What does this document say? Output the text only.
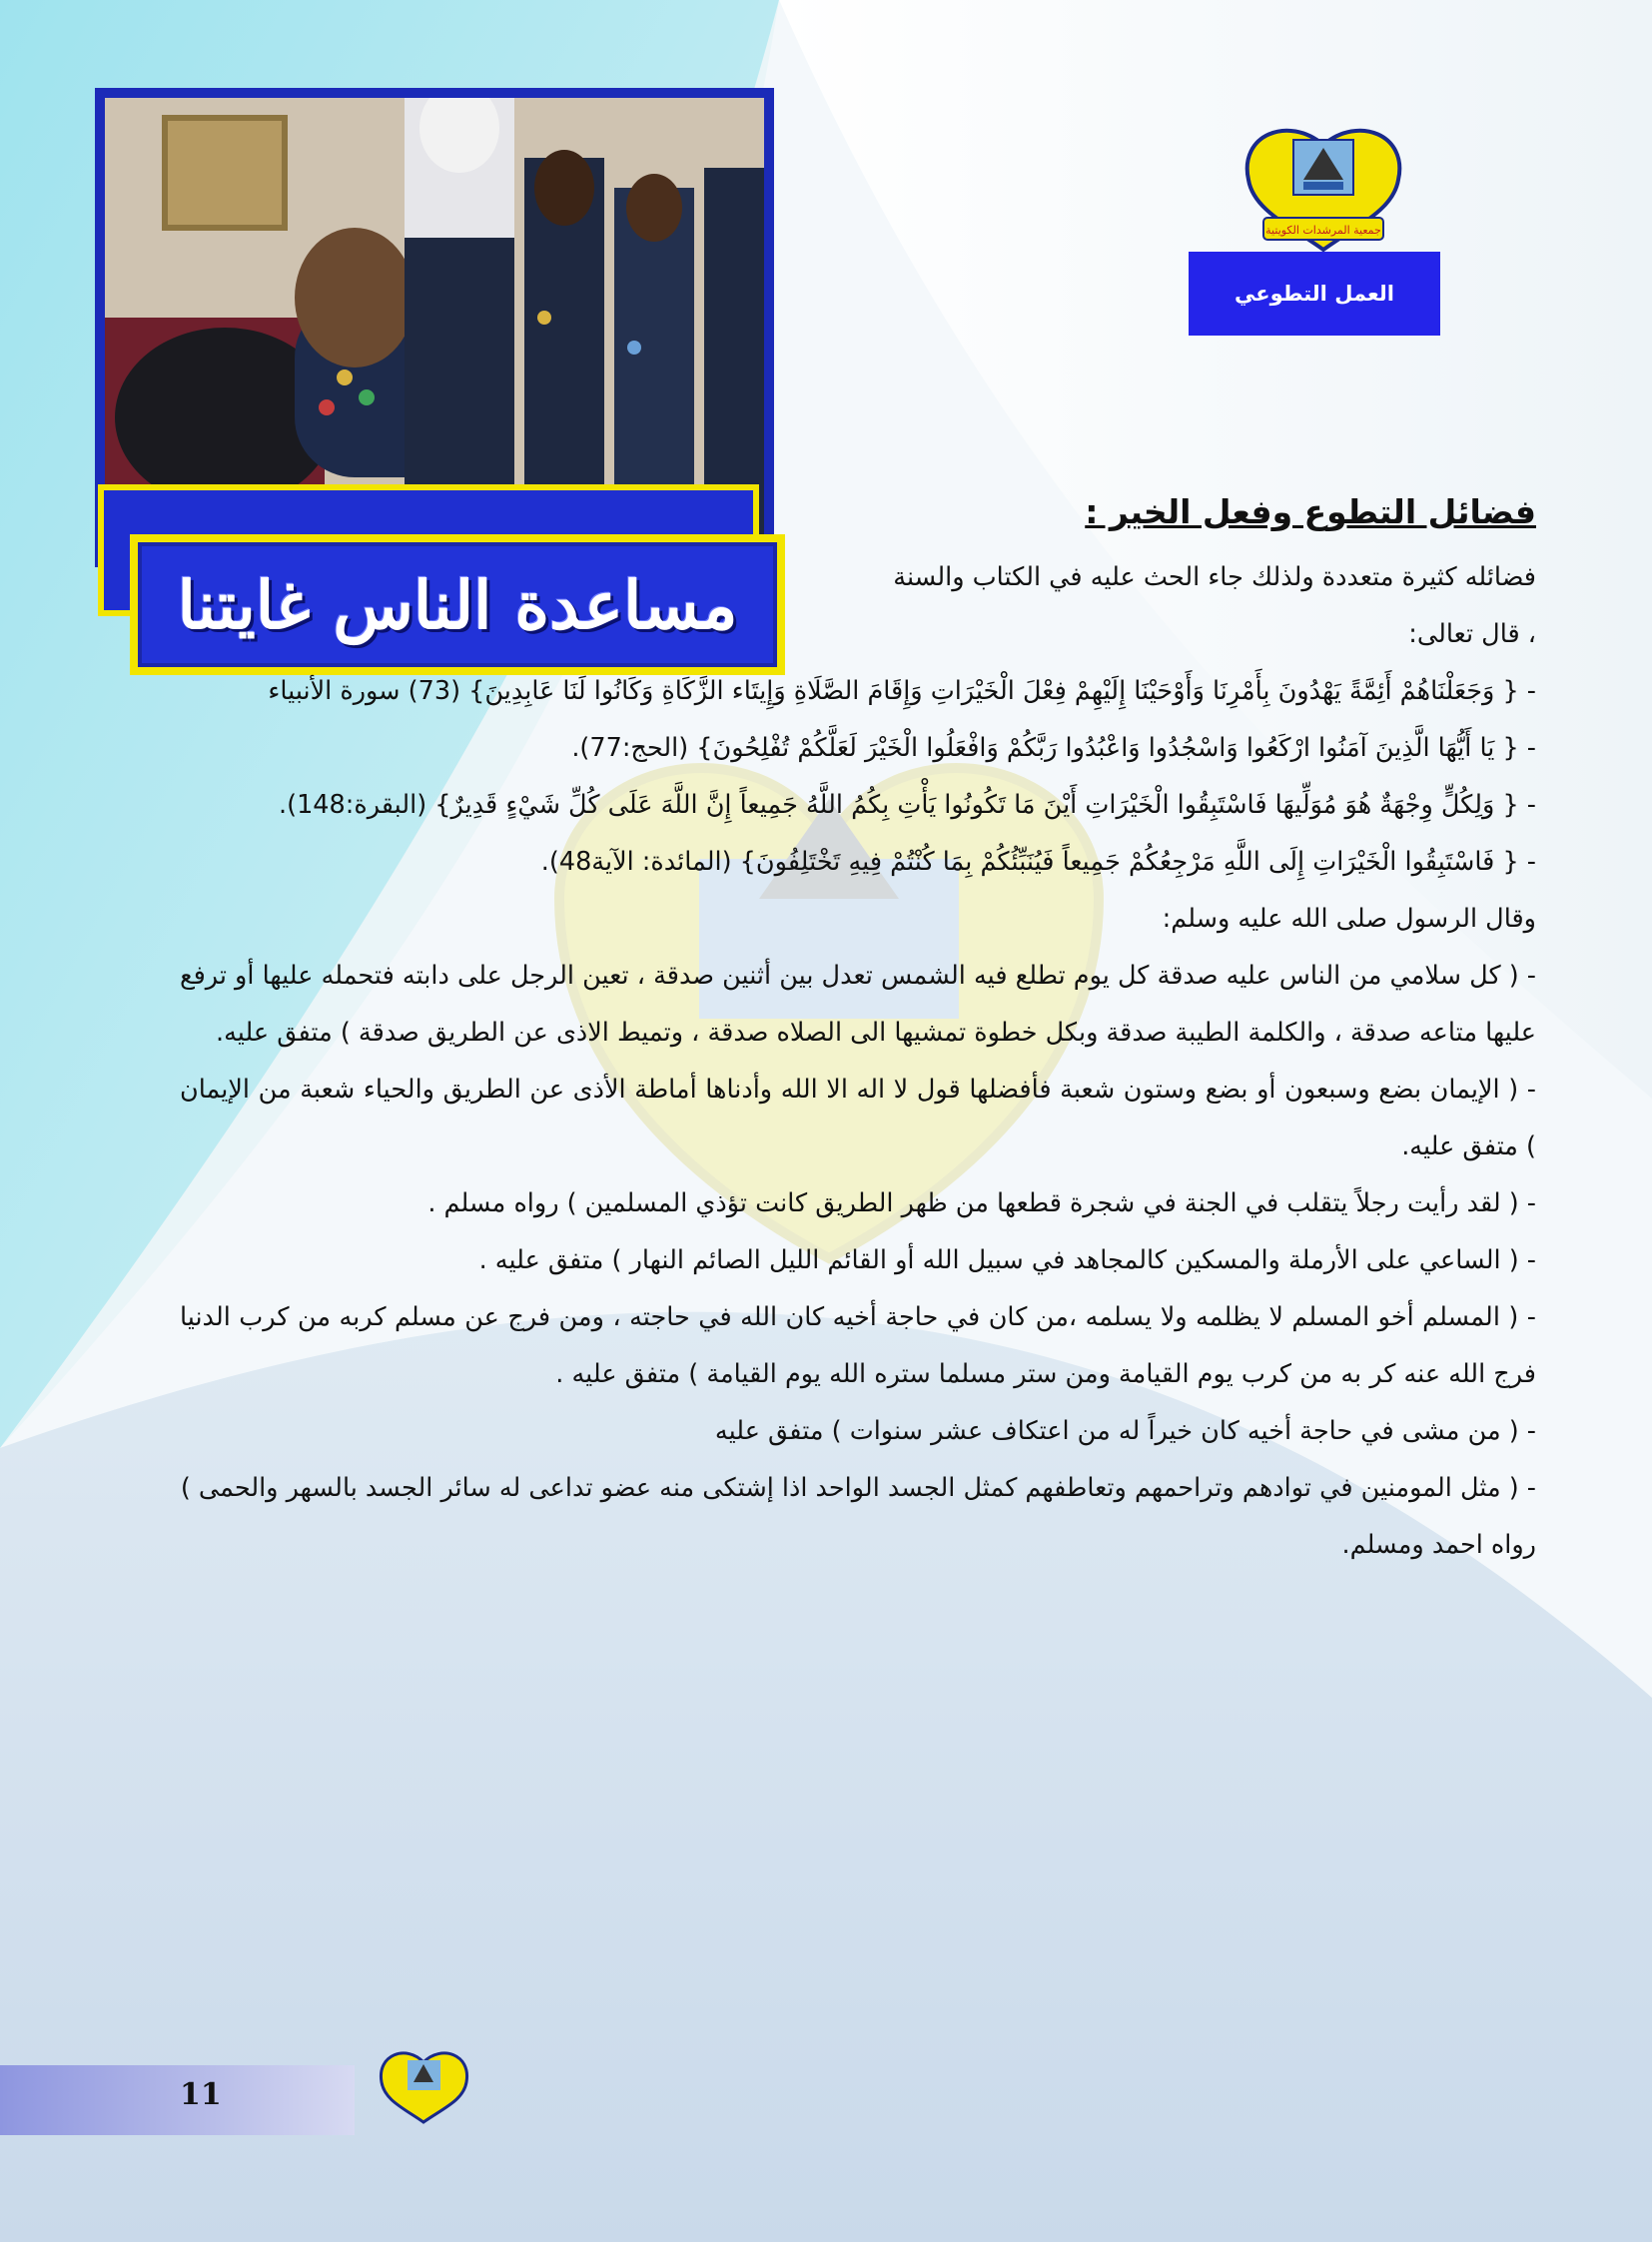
مساعدة الناس غايتنا
جمعية المرشدات الكويتية
العمل التطوعي
فضائل التطوع وفعل الخير :

فضائله كثيرة متعددة ولذلك جاء الحث عليه في الكتاب والسنة

، قال تعالى:

- { وَجَعَلْنَاهُمْ أَئِمَّةً يَهْدُونَ بِأَمْرِنَا وَأَوْحَيْنَا إِلَيْهِمْ فِعْلَ الْخَيْرَاتِ وَإِقَامَ الصَّلَاةِ وَإِيتَاء الزَّكَاةِ وَكَانُوا لَنَا عَابِدِينَ} (73) سورة الأنبياء

- { يَا أَيُّهَا الَّذِينَ آمَنُوا ارْكَعُوا وَاسْجُدُوا وَاعْبُدُوا رَبَّكُمْ وَافْعَلُوا الْخَيْرَ لَعَلَّكُمْ تُفْلِحُونَ} (الحج:77).

- { وَلِكُلٍّ وِجْهَةٌ هُوَ مُوَلِّيهَا فَاسْتَبِقُوا الْخَيْرَاتِ أَيْنَ مَا تَكُونُوا يَأْتِ بِكُمُ اللَّهُ جَمِيعاً إِنَّ اللَّهَ عَلَى كُلِّ شَيْءٍ قَدِيرٌ} (البقرة:148).

- { فَاسْتَبِقُوا الْخَيْرَاتِ إِلَى اللَّهِ مَرْجِعُكُمْ جَمِيعاً فَيُنَبِّئُكُمْ بِمَا كُنْتُمْ فِيهِ تَخْتَلِفُونَ} (المائدة: الآية48).

وقال الرسول صلى الله عليه وسلم:

- ( كل سلامي من الناس عليه صدقة كل يوم تطلع فيه الشمس تعدل بين أثنين صدقة ، تعين الرجل على دابته فتحمله عليها أو ترفع عليها متاعه صدقة ، والكلمة الطيبة صدقة وبكل خطوة تمشيها الى الصلاه صدقة ، وتميط الاذى عن الطريق صدقة ) متفق عليه.

- ( الإيمان بضع وسبعون أو بضع وستون شعبة فأفضلها قول لا اله الا الله وأدناها أماطة الأذى عن الطريق والحياء شعبة من الإيمان ) متفق عليه.

- ( لقد رأيت رجلاً يتقلب في الجنة في شجرة قطعها من ظهر الطريق كانت تؤذي المسلمين ) رواه مسلم .

- ( الساعي على الأرملة والمسكين كالمجاهد في سبيل الله أو القائم الليل الصائم النهار ) متفق عليه .

- ( المسلم أخو المسلم لا يظلمه ولا يسلمه ،من كان في حاجة أخيه كان الله في حاجته ، ومن فرج عن مسلم كربه من كرب الدنيا فرج الله عنه كر به من كرب يوم القيامة ومن ستر مسلما ستره الله يوم القيامة ) متفق عليه .

- ( من مشى في حاجة أخيه كان خيراً له من اعتكاف عشر سنوات ) متفق عليه

- ( مثل المومنين في توادهم وتراحمهم وتعاطفهم كمثل الجسد الواحد اذا إشتكى منه عضو تداعى له سائر الجسد بالسهر والحمى ) رواه احمد ومسلم.

11
